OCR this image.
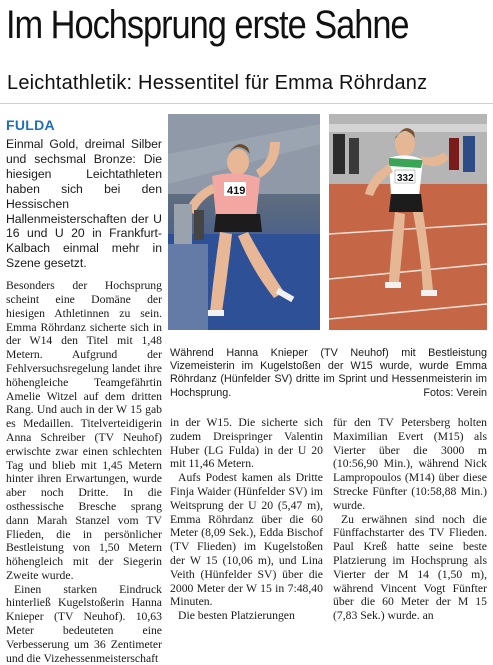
Im Hochsprung erste Sahne
Leichtathletik: Hessentitel für Emma Röhrdanz
FULDA

Einmal Gold, dreimal Silber und sechsmal Bronze: Die hiesigen Leichtathleten haben sich bei den Hessischen Hallenmeisterschaften der U 16 und U 20 in Frankfurt-Kalbach einmal mehr in Szene gesetzt.

Besonders der Hochsprung scheint eine Domäne der hiesigen Athletinnen zu sein. Emma Röhrdanz sicherte sich in der W14 den Titel mit 1,48 Metern. Aufgrund der Fehlversuchsregelung landet ihre höhengleiche Teamgefährtin Amelie Witzel auf dem dritten Rang. Und auch in der W 15 gab es Medaillen. Titelverteidigerin Anna Schreiber (TV Neuhof) erwischte zwar einen schlechten Tag und blieb mit 1,45 Metern hinter ihren Erwartungen, wurde aber noch Dritte. In die osthessische Bresche sprang dann Marah Stanzel vom TV Flieden, die in persönlicher Bestleistung von 1,50 Metern höhengleich mit der Siegerin Zweite wurde.

Einen starken Eindruck hinterließ Kugelstoßerin Hanna Knieper (TV Neuhof). 10,63 Meter bedeuteten eine Verbesserung um 36 Zentimeter und die Vizehessenmeisterschaft

419
332
Während Hanna Knieper (TV Neuhof) mit Bestleistung Vizemeisterin im Kugelstoßen der W15 wurde, wurde Emma Röhrdanz (Hünfelder SV) dritte im Sprint und Hessenmeisterin im Hochsprung.	Fotos: Verein

in der W15. Die sicherte sich zudem Dreispringer Valentin Huber (LG Fulda) in der U 20 mit 11,46 Metern.

Aufs Podest kamen als Dritte Finja Waider (Hünfelder SV) im Weitsprung der U 20 (5,47 m), Emma Röhrdanz über die 60 Meter (8,09 Sek.), Edda Bischof (TV Flieden) im Kugelstoßen der W 15 (10,06 m), und Lina Veith (Hünfelder SV) über die 2000 Meter der W 15 in 7:48,40 Minuten.

Die besten Platzierungen

für den TV Petersberg holten Maximilian Evert (M15) als Vierter über die 3000 m (10:56,90 Min.), während Nick Lampropoulos (M14) über diese Strecke Fünfter (10:58,88 Min.) wurde.

Zu erwähnen sind noch die Fünffachstarter des TV Flieden. Paul Kreß hatte seine beste Platzierung im Hochsprung als Vierter der M 14 (1,50 m), während Vincent Vogt Fünfter über die 60 Meter der M 15 (7,83 Sek.) wurde. an
